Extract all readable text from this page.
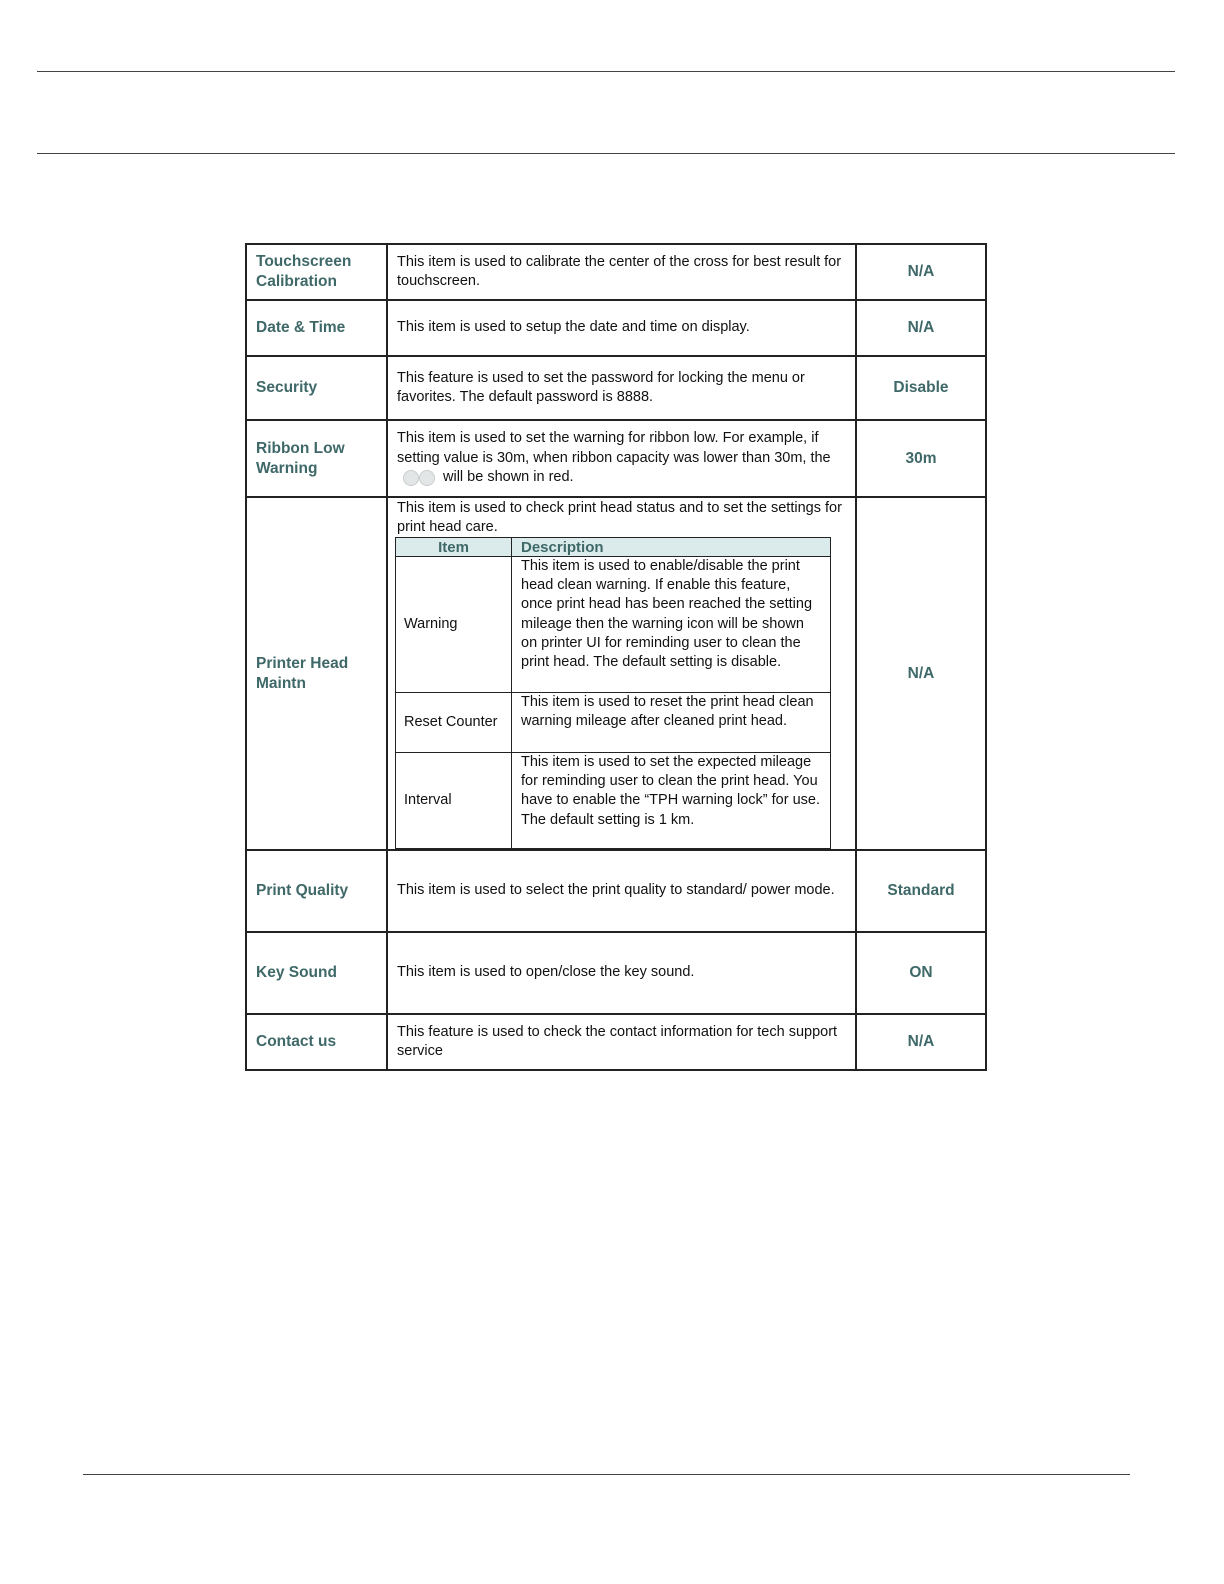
Touchscreen
Calibration
	This item is used to calibrate the center of the cross for best result for touchscreen.	N/A

Date & Time	This item is used to setup the date and time on display.	N/A

Security
	This feature is used to set the password for locking the menu or favorites. The default password is 8888.	Disable

Ribbon Low
Warning
	This item is used to set the warning for ribbon low. For example, if setting value is 30m, when ribbon capacity was lower than 30m, thewill be shown in red.	30m

Printer Head
Maintn

This item is used to check print head status and to set the settings for print head care.
Item	Description
Warning	This item is used to enable/disable the print head clean warning. If enable this feature, once print head has been reached the setting mileage then the warning icon will be shown on printer UI for reminding user to clean the print head. The default setting is disable.
Reset Counter	This item is used to reset the print head clean warning mileage after cleaned print head.
Interval	This item is used to set the expected mileage for reminding user to clean the print head. You have to enable the “TPH warning lock” for use. The default setting is 1 km.
	N/A

Print Quality	This item is used to select the print quality to standard/ power mode.	Standard

Key Sound	This item is used to open/close the key sound.	ON

Contact us
	This feature is used to check the contact information for tech support service	N/A
